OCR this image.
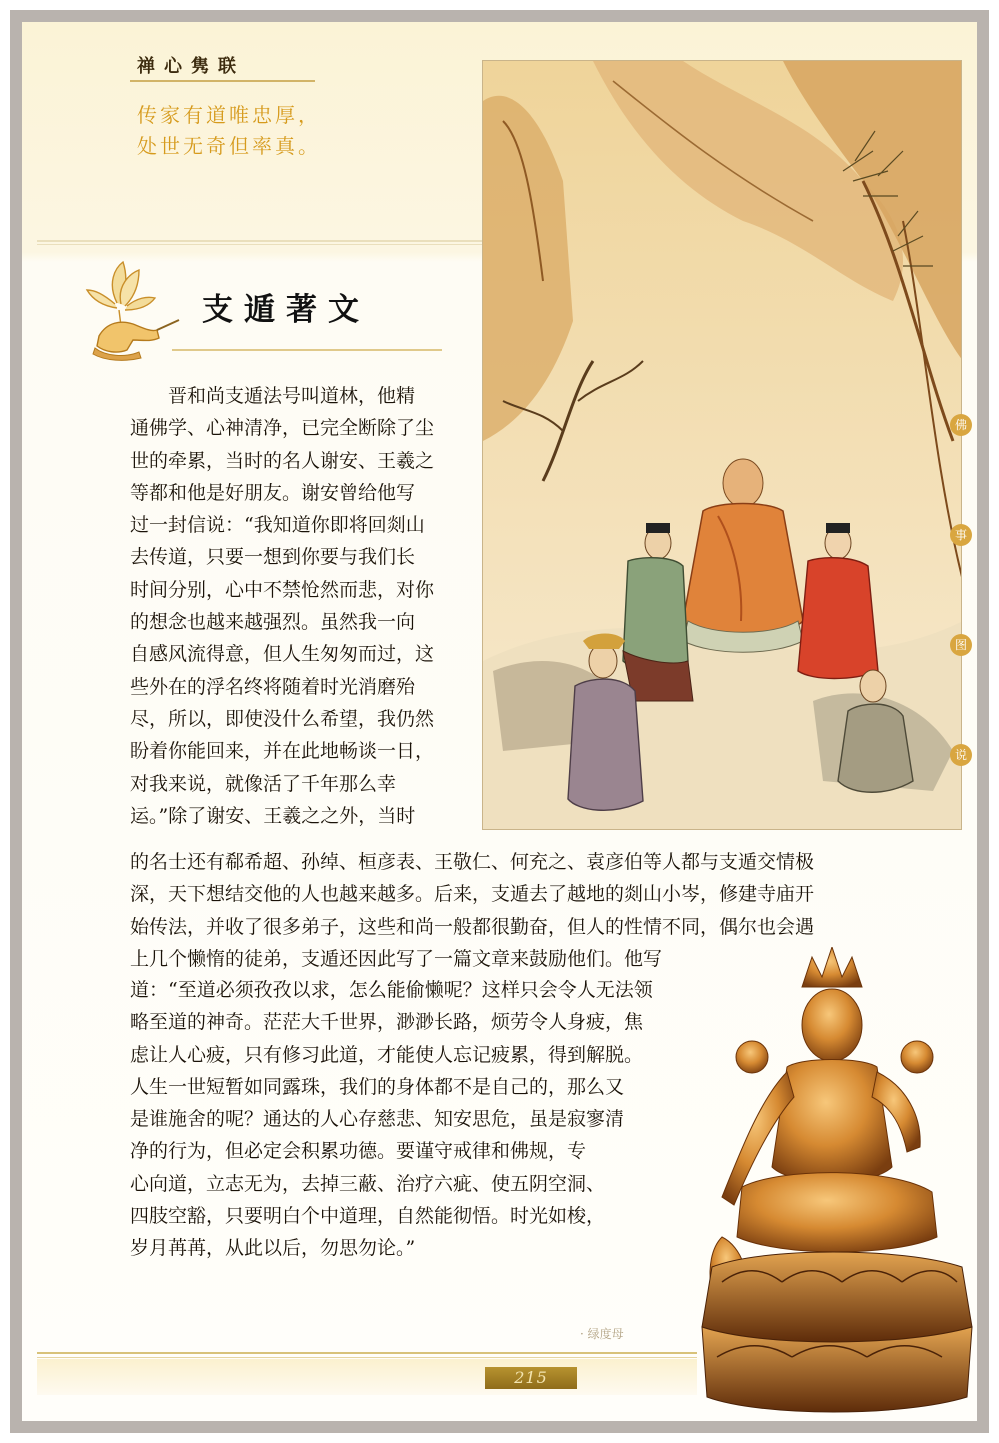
禅心隽联
传家有道唯忠厚，
处世无奇但率真。
支遁著文
佛
事
图
说

晋和尚支遁法号叫道林，他精

通佛学、心神清净，已完全断除了尘

世的牵累，当时的名人谢安、王羲之

等都和他是好朋友。谢安曾给他写

过一封信说：“我知道你即将回剡山

去传道，只要一想到你要与我们长

时间分别，心中不禁怆然而悲，对你

的想念也越来越强烈。虽然我一向

自感风流得意，但人生匆匆而过，这

些外在的浮名终将随着时光消磨殆

尽，所以，即使没什么希望，我仍然

盼着你能回来，并在此地畅谈一日，

对我来说，就像活了千年那么幸

运。”除了谢安、王羲之之外，当时

的名士还有郗希超、孙绰、桓彦表、王敬仁、何充之、袁彦伯等人都与支遁交情极

深，天下想结交他的人也越来越多。后来，支遁去了越地的剡山小岑，修建寺庙开

始传法，并收了很多弟子，这些和尚一般都很勤奋，但人的性情不同，偶尔也会遇

上几个懒惰的徒弟，支遁还因此写了一篇文章来鼓励他们。他写

道：“至道必须孜孜以求，怎么能偷懒呢？这样只会令人无法领

略至道的神奇。茫茫大千世界，渺渺长路，烦劳令人身疲，焦

虑让人心疲，只有修习此道，才能使人忘记疲累，得到解脱。

人生一世短暂如同露珠，我们的身体都不是自己的，那么又

是谁施舍的呢？通达的人心存慈悲、知安思危，虽是寂寥清

净的行为，但必定会积累功德。要谨守戒律和佛规，专

心向道，立志无为，去掉三蔽、治疗六疵、使五阴空洞、

四肢空豁，只要明白个中道理，自然能彻悟。时光如梭，

岁月苒苒，从此以后，勿思勿论。”

· 绿度母
215
